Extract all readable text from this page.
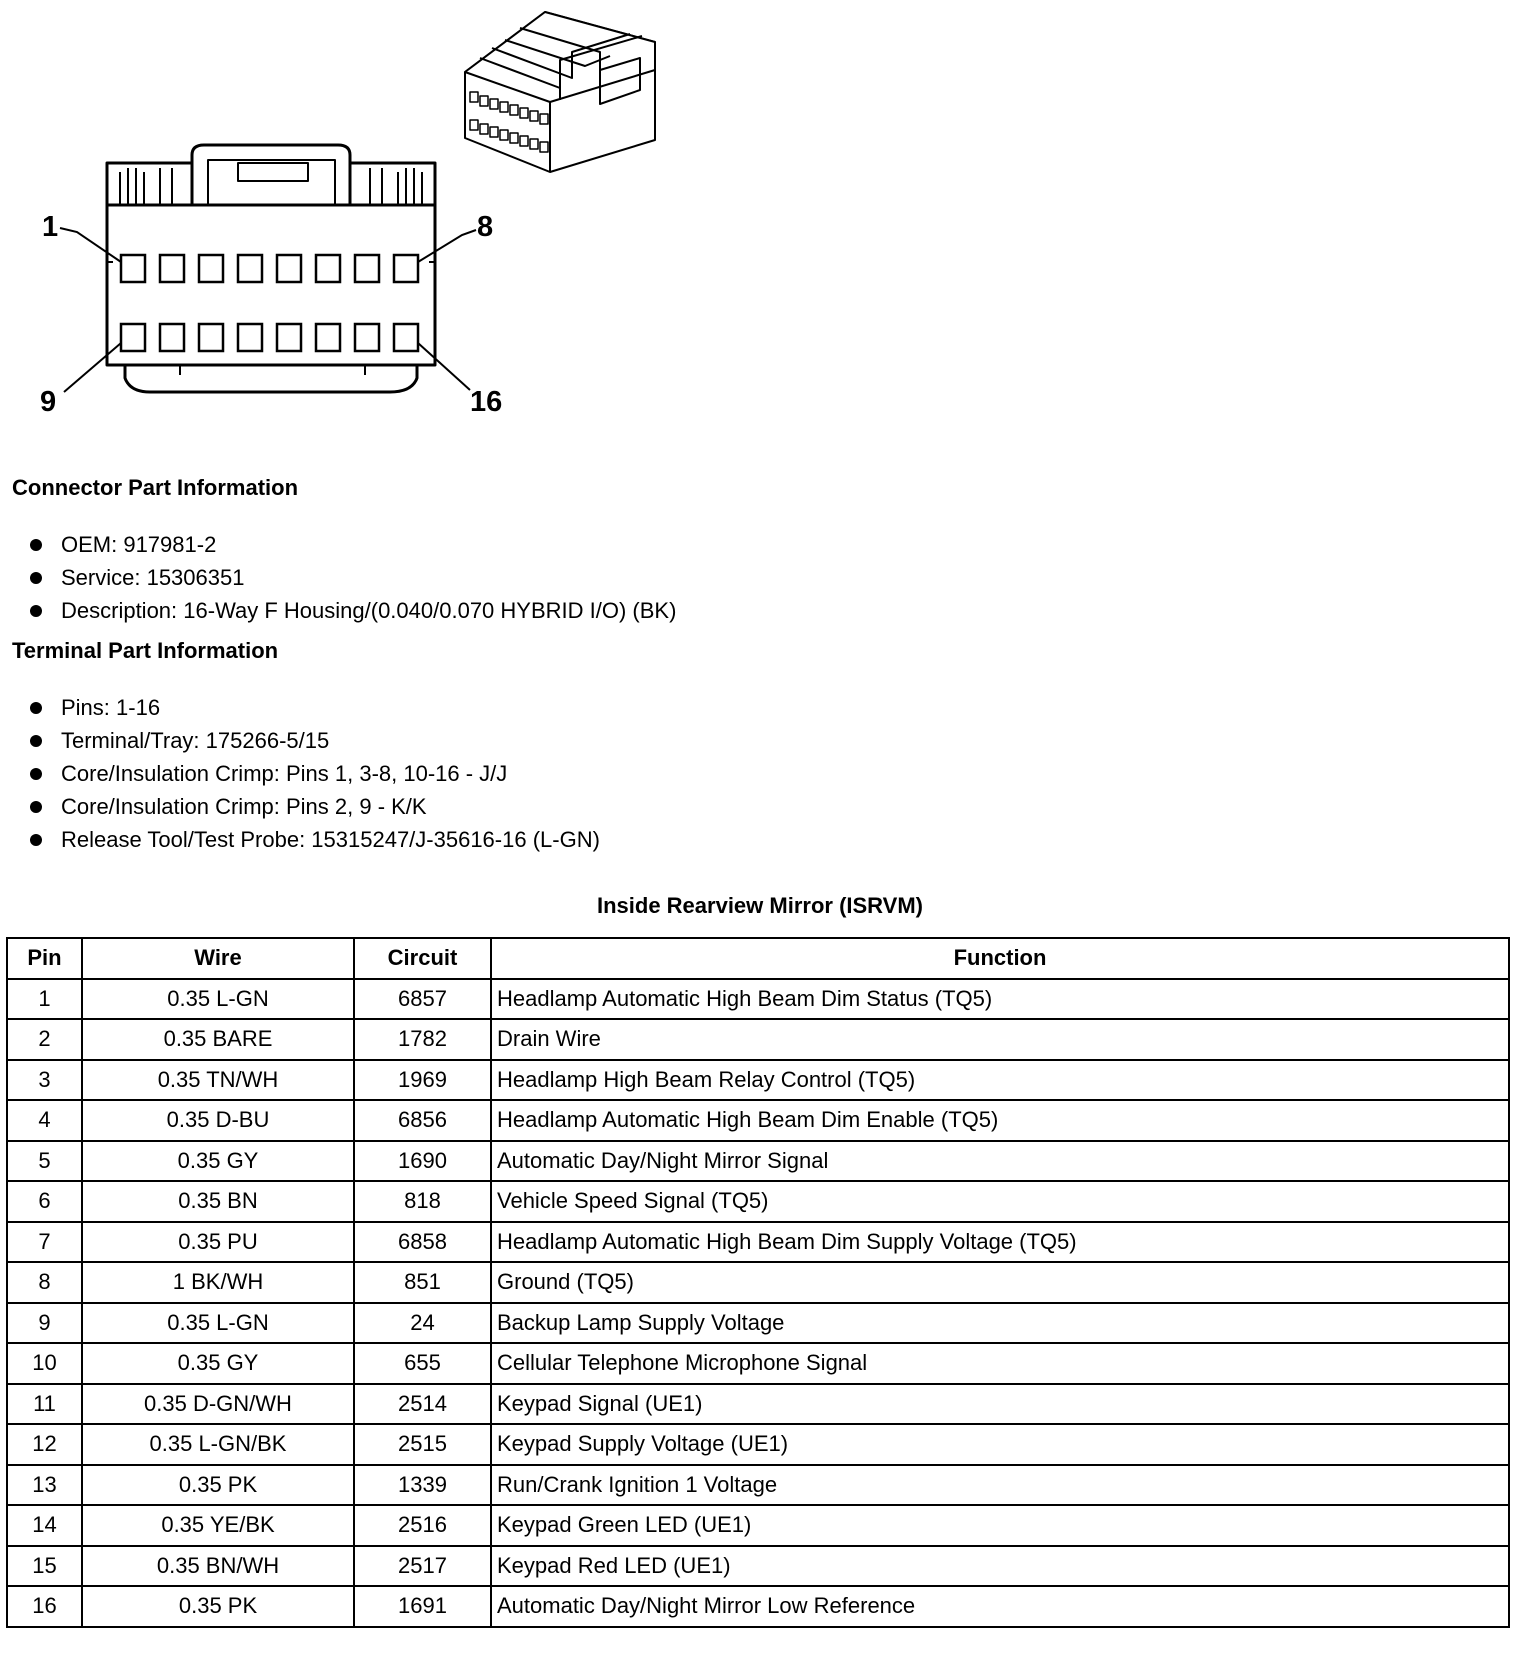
1	8
9	16
Connector Part Information
OEM: 917981-2
Service: 15306351
Description: 16-Way F Housing/(0.040/0.070 HYBRID I/O) (BK)
Terminal Part Information
Pins: 1-16
Terminal/Tray: 175266-5/15
Core/Insulation Crimp: Pins 1, 3-8, 10-16 - J/J
Core/Insulation Crimp: Pins 2, 9 - K/K
Release Tool/Test Probe: 15315247/J-35616-16 (L-GN)
Inside Rearview Mirror (ISRVM)
Pin	Wire	Circuit	Function
1	0.35 L-GN	6857	Headlamp Automatic High Beam Dim Status (TQ5)
2	0.35 BARE	1782	Drain Wire
3	0.35 TN/WH	1969	Headlamp High Beam Relay Control (TQ5)
4	0.35 D-BU	6856	Headlamp Automatic High Beam Dim Enable (TQ5)
5	0.35 GY	1690	Automatic Day/Night Mirror Signal
6	0.35 BN	818	Vehicle Speed Signal (TQ5)
7	0.35 PU	6858	Headlamp Automatic High Beam Dim Supply Voltage (TQ5)
8	1 BK/WH	851	Ground (TQ5)
9	0.35 L-GN	24	Backup Lamp Supply Voltage
10	0.35 GY	655	Cellular Telephone Microphone Signal
11	0.35 D-GN/WH	2514	Keypad Signal (UE1)
12	0.35 L-GN/BK	2515	Keypad Supply Voltage (UE1)
13	0.35 PK	1339	Run/Crank Ignition 1 Voltage
14	0.35 YE/BK	2516	Keypad Green LED (UE1)
15	0.35 BN/WH	2517	Keypad Red LED (UE1)
16	0.35 PK	1691	Automatic Day/Night Mirror Low Reference
